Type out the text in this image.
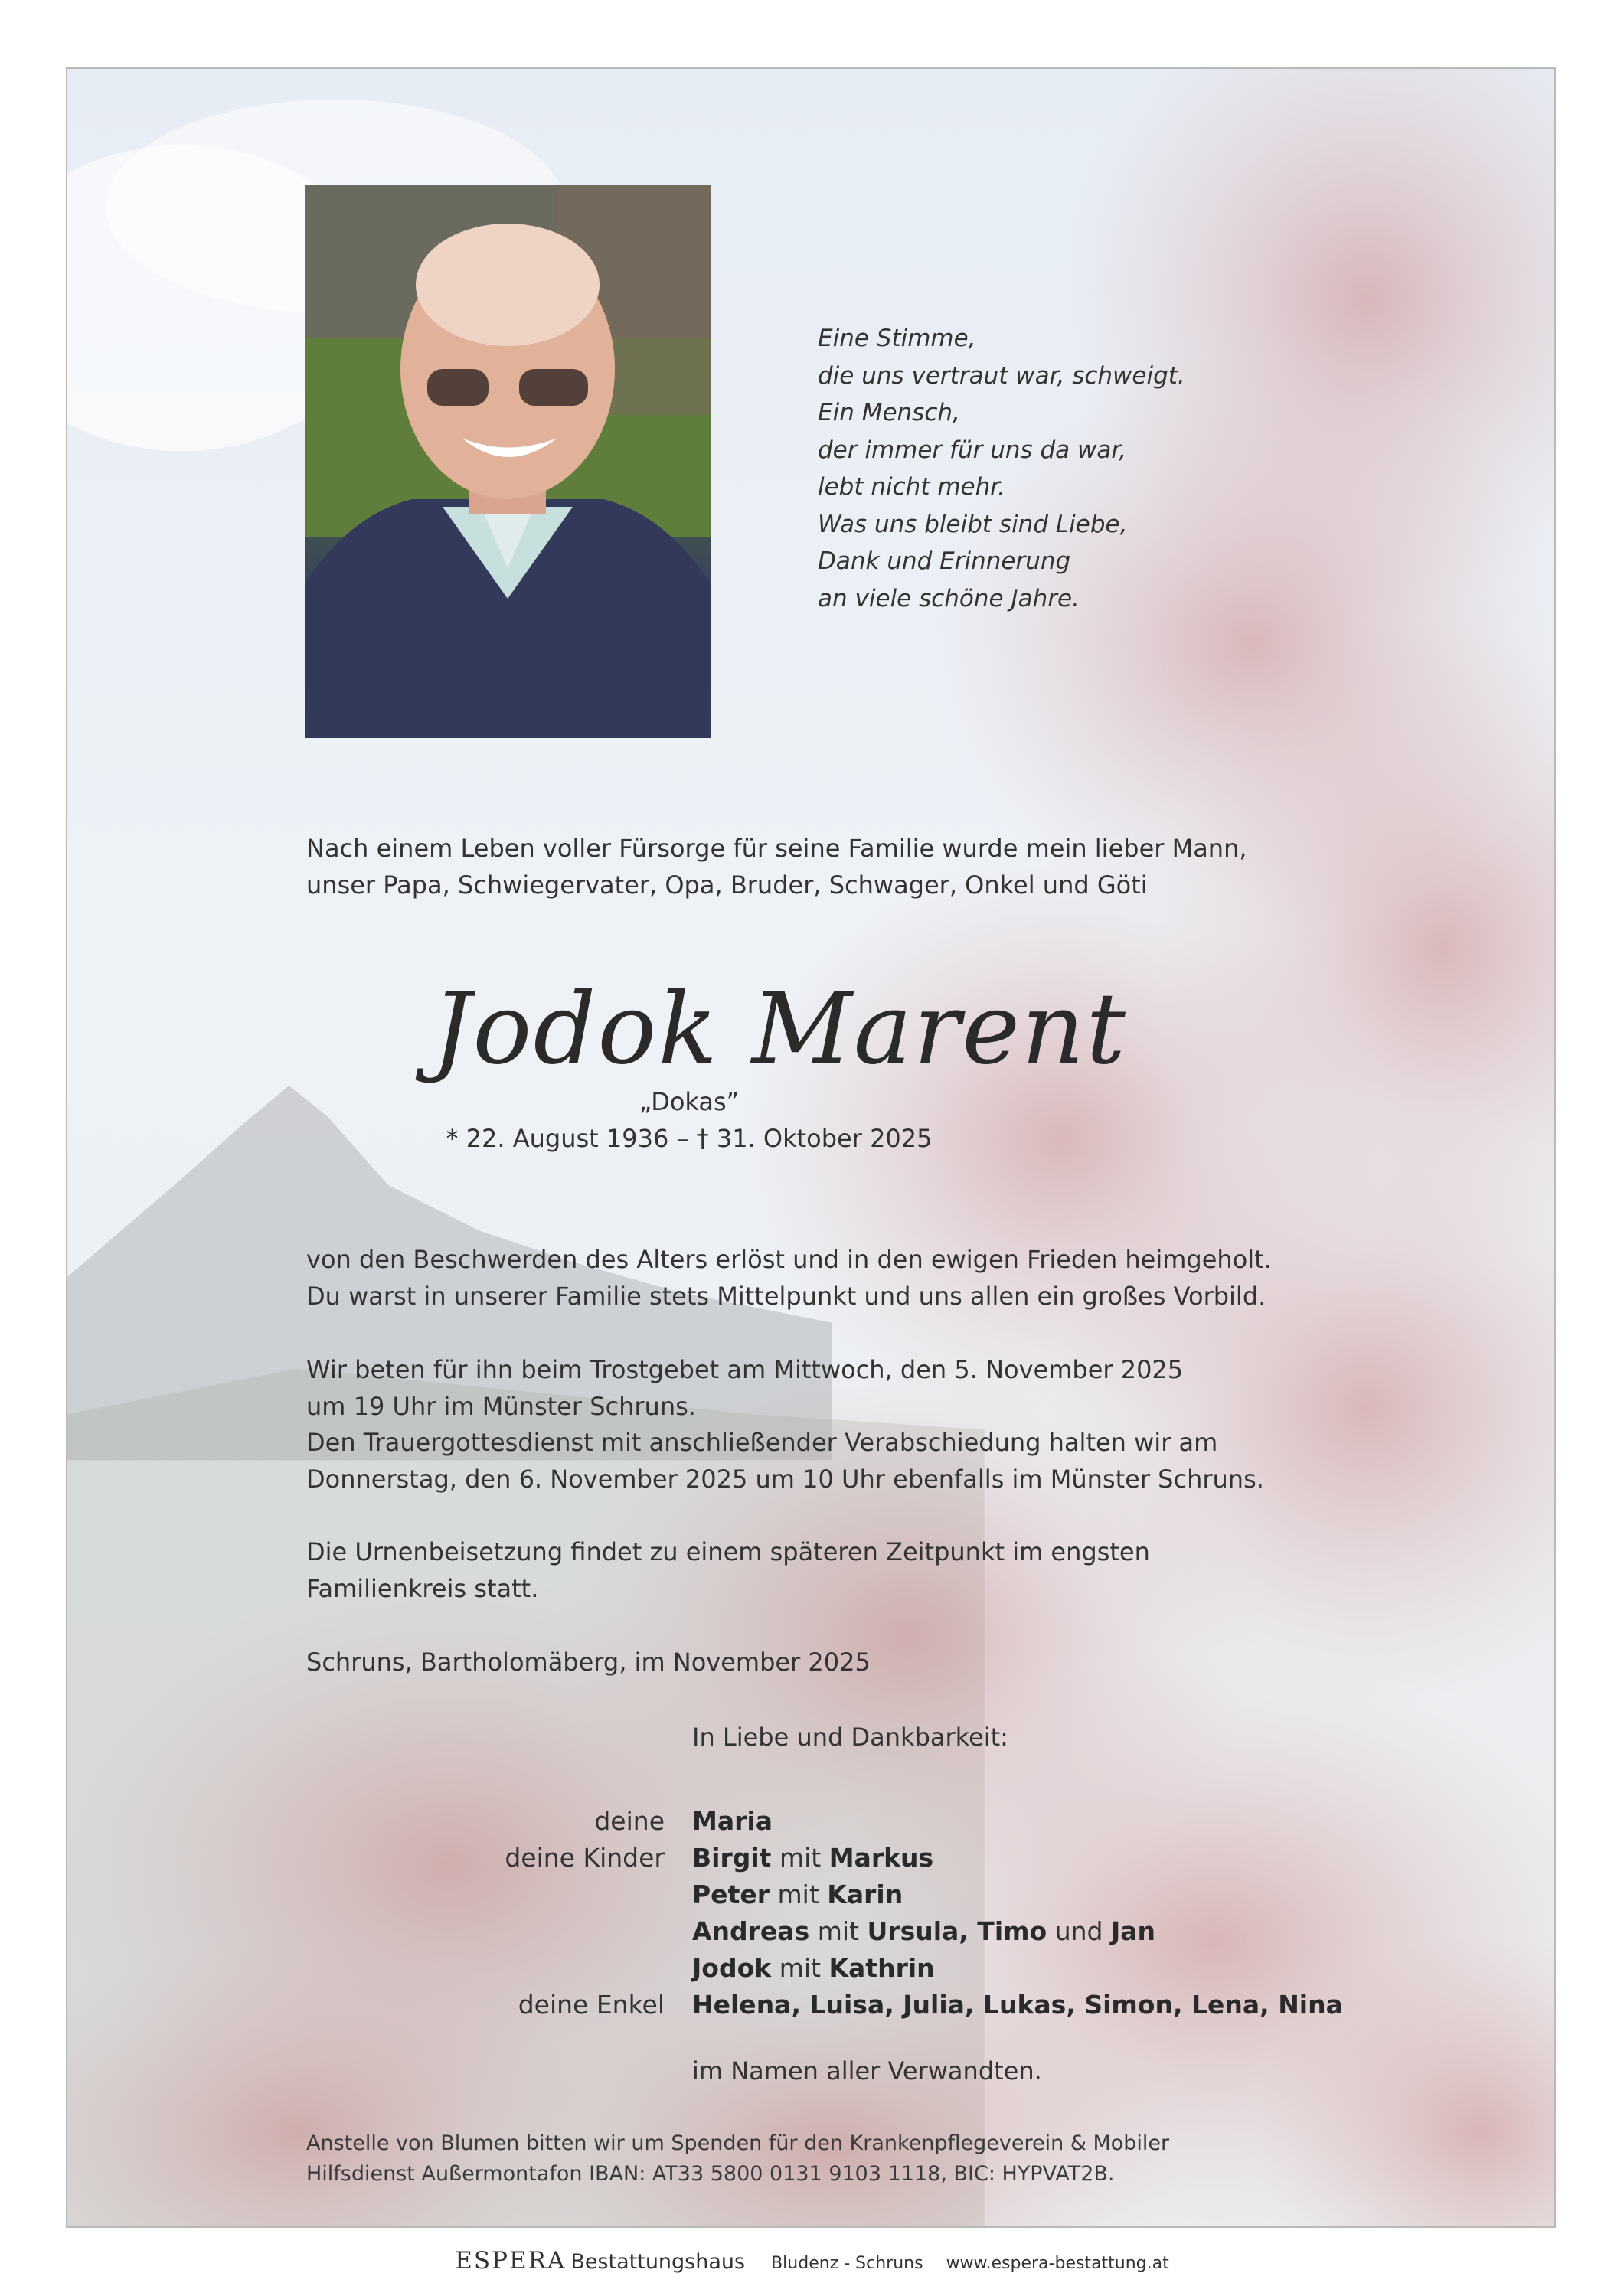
Eine Stimme,
die uns vertraut war, schweigt.
Ein Mensch,
der immer für uns da war,
lebt nicht mehr.
Was uns bleibt sind Liebe,
Dank und Erinnerung
an viele schöne Jahre.
Nach einem Leben voller Fürsorge für seine Familie wurde mein lieber Mann,
unser Papa, Schwiegervater, Opa, Bruder, Schwager, Onkel und Göti
Jodok Marent
„Dokas”
* 22. August 1936 – † 31. Oktober 2025
von den Beschwerden des Alters erlöst und in den ewigen Frieden heimgeholt.
Du warst in unserer Familie stets Mittelpunkt und uns allen ein großes Vorbild.
Wir beten für ihn beim Trostgebet am Mittwoch, den 5. November 2025
um 19 Uhr im Münster Schruns.
Den Trauergottesdienst mit anschließender Verabschiedung halten wir am
Donnerstag, den 6. November 2025 um 10 Uhr ebenfalls im Münster Schruns.
Die Urnenbeisetzung findet zu einem späteren Zeitpunkt im engsten
Familienkreis statt.
Schruns, Bartholomäberg, im November 2025
In Liebe und Dankbarkeit:
deine Maria
deine Kinder Birgit mit Markus
Peter mit Karin
Andreas mit Ursula, Timo und Jan
Jodok mit Kathrin
deine Enkel Helena, Luisa, Julia, Lukas, Simon, Lena, Nina
im Namen aller Verwandten.
Anstelle von Blumen bitten wir um Spenden für den Krankenpflegeverein & Mobiler
Hilfsdienst Außermontafon IBAN: AT33 5800 0131 9103 1118, BIC: HYPVAT2B.
ESPERA Bestattungshaus Bludenz - Schruns www.espera-bestattung.at
